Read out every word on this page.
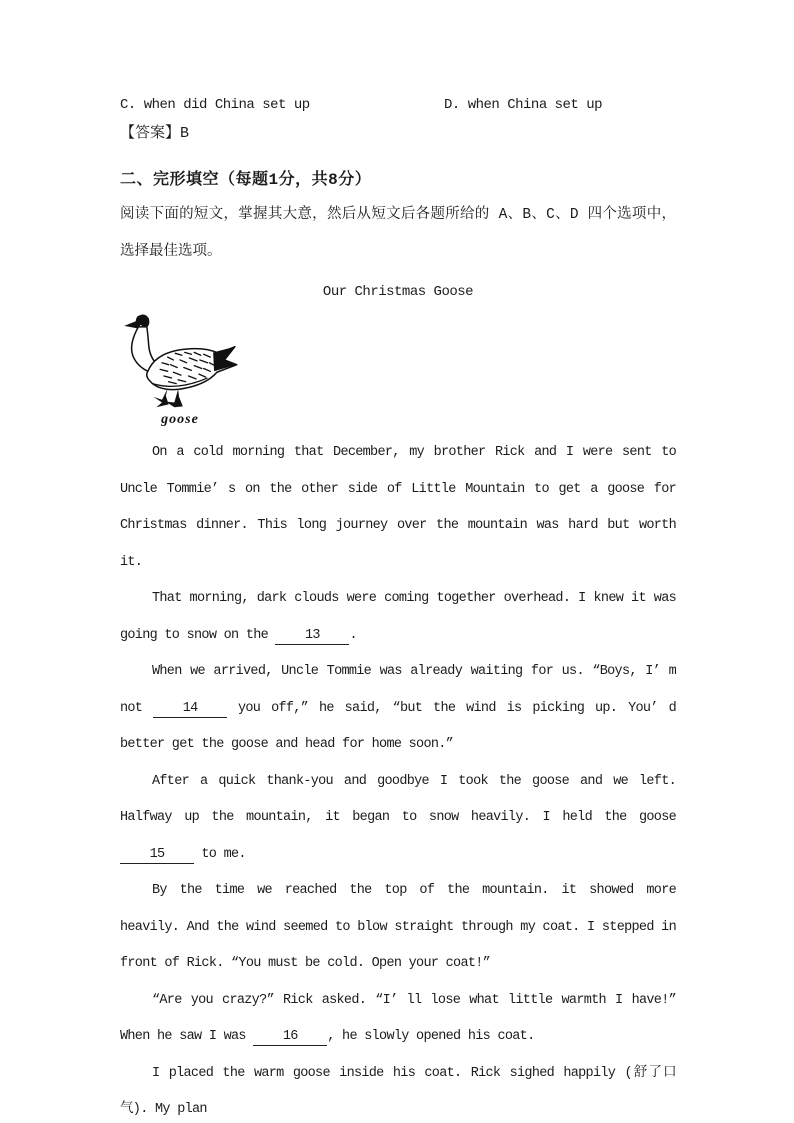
C. when did China set up	D. when China set up
【答案】B
二、完形填空（每题1分，共8分）
阅读下面的短文，掌握其大意，然后从短文后各题所给的 A、B、C、D 四个选项中，选择最佳选项。
Our Christmas Goose
goose
On a cold morning that December, my brother Rick and I were sent to Uncle Tommie’ s on the other side of Little Mountain to get a goose for Christmas dinner. This long journey over the mountain was hard but worth it.
That morning, dark clouds were coming together overhead. I knew it was going to snow on the 13 .
When we arrived, Uncle Tommie was already waiting for us. “Boys, I’ m not 14 you off,” he said, “but the wind is picking up. You’ d better get the goose and head for home soon.”
After a quick thank-you and goodbye I took the goose and we left. Halfway up the mountain, it began to snow heavily. I held the goose 15 to me.
By the time we reached the top of the mountain. it showed more heavily. And the wind seemed to blow straight through my coat. I stepped in front of Rick. “You must be cold. Open your coat!”
“Are you crazy?” Rick asked. “I’ ll lose what little warmth I have!” When he saw I was 16 , he slowly opened his coat.
I placed the warm goose inside his coat. Rick sighed happily (舒了口气). My plan
